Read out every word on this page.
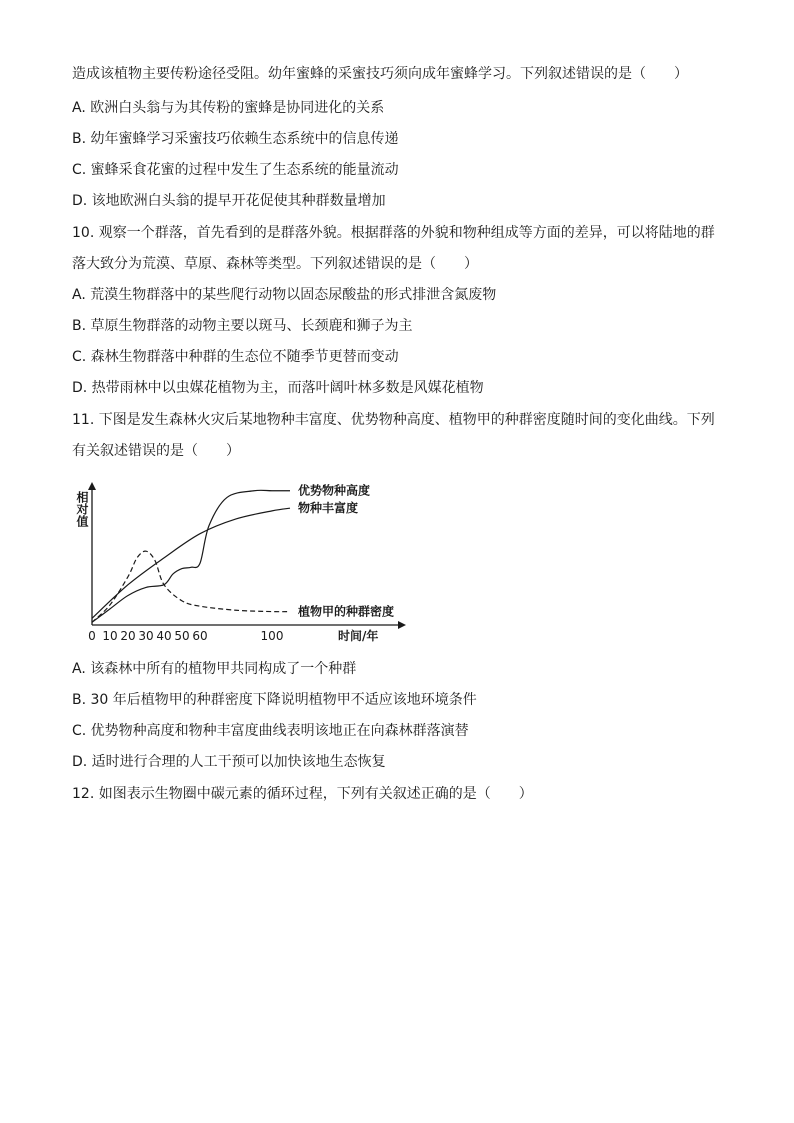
造成该植物主要传粉途径受阻。幼年蜜蜂的采蜜技巧须向成年蜜蜂学习。下列叙述错误的是（　　）
A. 欧洲白头翁与为其传粉的蜜蜂是协同进化的关系
B. 幼年蜜蜂学习采蜜技巧依赖生态系统中的信息传递
C. 蜜蜂采食花蜜的过程中发生了生态系统的能量流动
D. 该地欧洲白头翁的提早开花促使其种群数量增加
10. 观察一个群落，首先看到的是群落外貌。根据群落的外貌和物种组成等方面的差异，可以将陆地的群
落大致分为荒漠、草原、森林等类型。下列叙述错误的是（　　）
A. 荒漠生物群落中的某些爬行动物以固态尿酸盐的形式排泄含氮废物
B. 草原生物群落的动物主要以斑马、长颈鹿和狮子为主
C. 森林生物群落中种群的生态位不随季节更替而变动
D. 热带雨林中以虫媒花植物为主，而落叶阔叶林多数是风媒花植物
11. 下图是发生森林火灾后某地物种丰富度、优势物种高度、植物甲的种群密度随时间的变化曲线。下列
有关叙述错误的是（　　）
相对值
时间/年
0 10 20 30 40 50 60	100
优势物种高度
物种丰富度
植物甲的种群密度
A. 该森林中所有的植物甲共同构成了一个种群
B. 30 年后植物甲的种群密度下降说明植物甲不适应该地环境条件
C. 优势物种高度和物种丰富度曲线表明该地正在向森林群落演替
D. 适时进行合理的人工干预可以加快该地生态恢复
12. 如图表示生物圈中碳元素的循环过程，下列有关叙述正确的是（　　）
